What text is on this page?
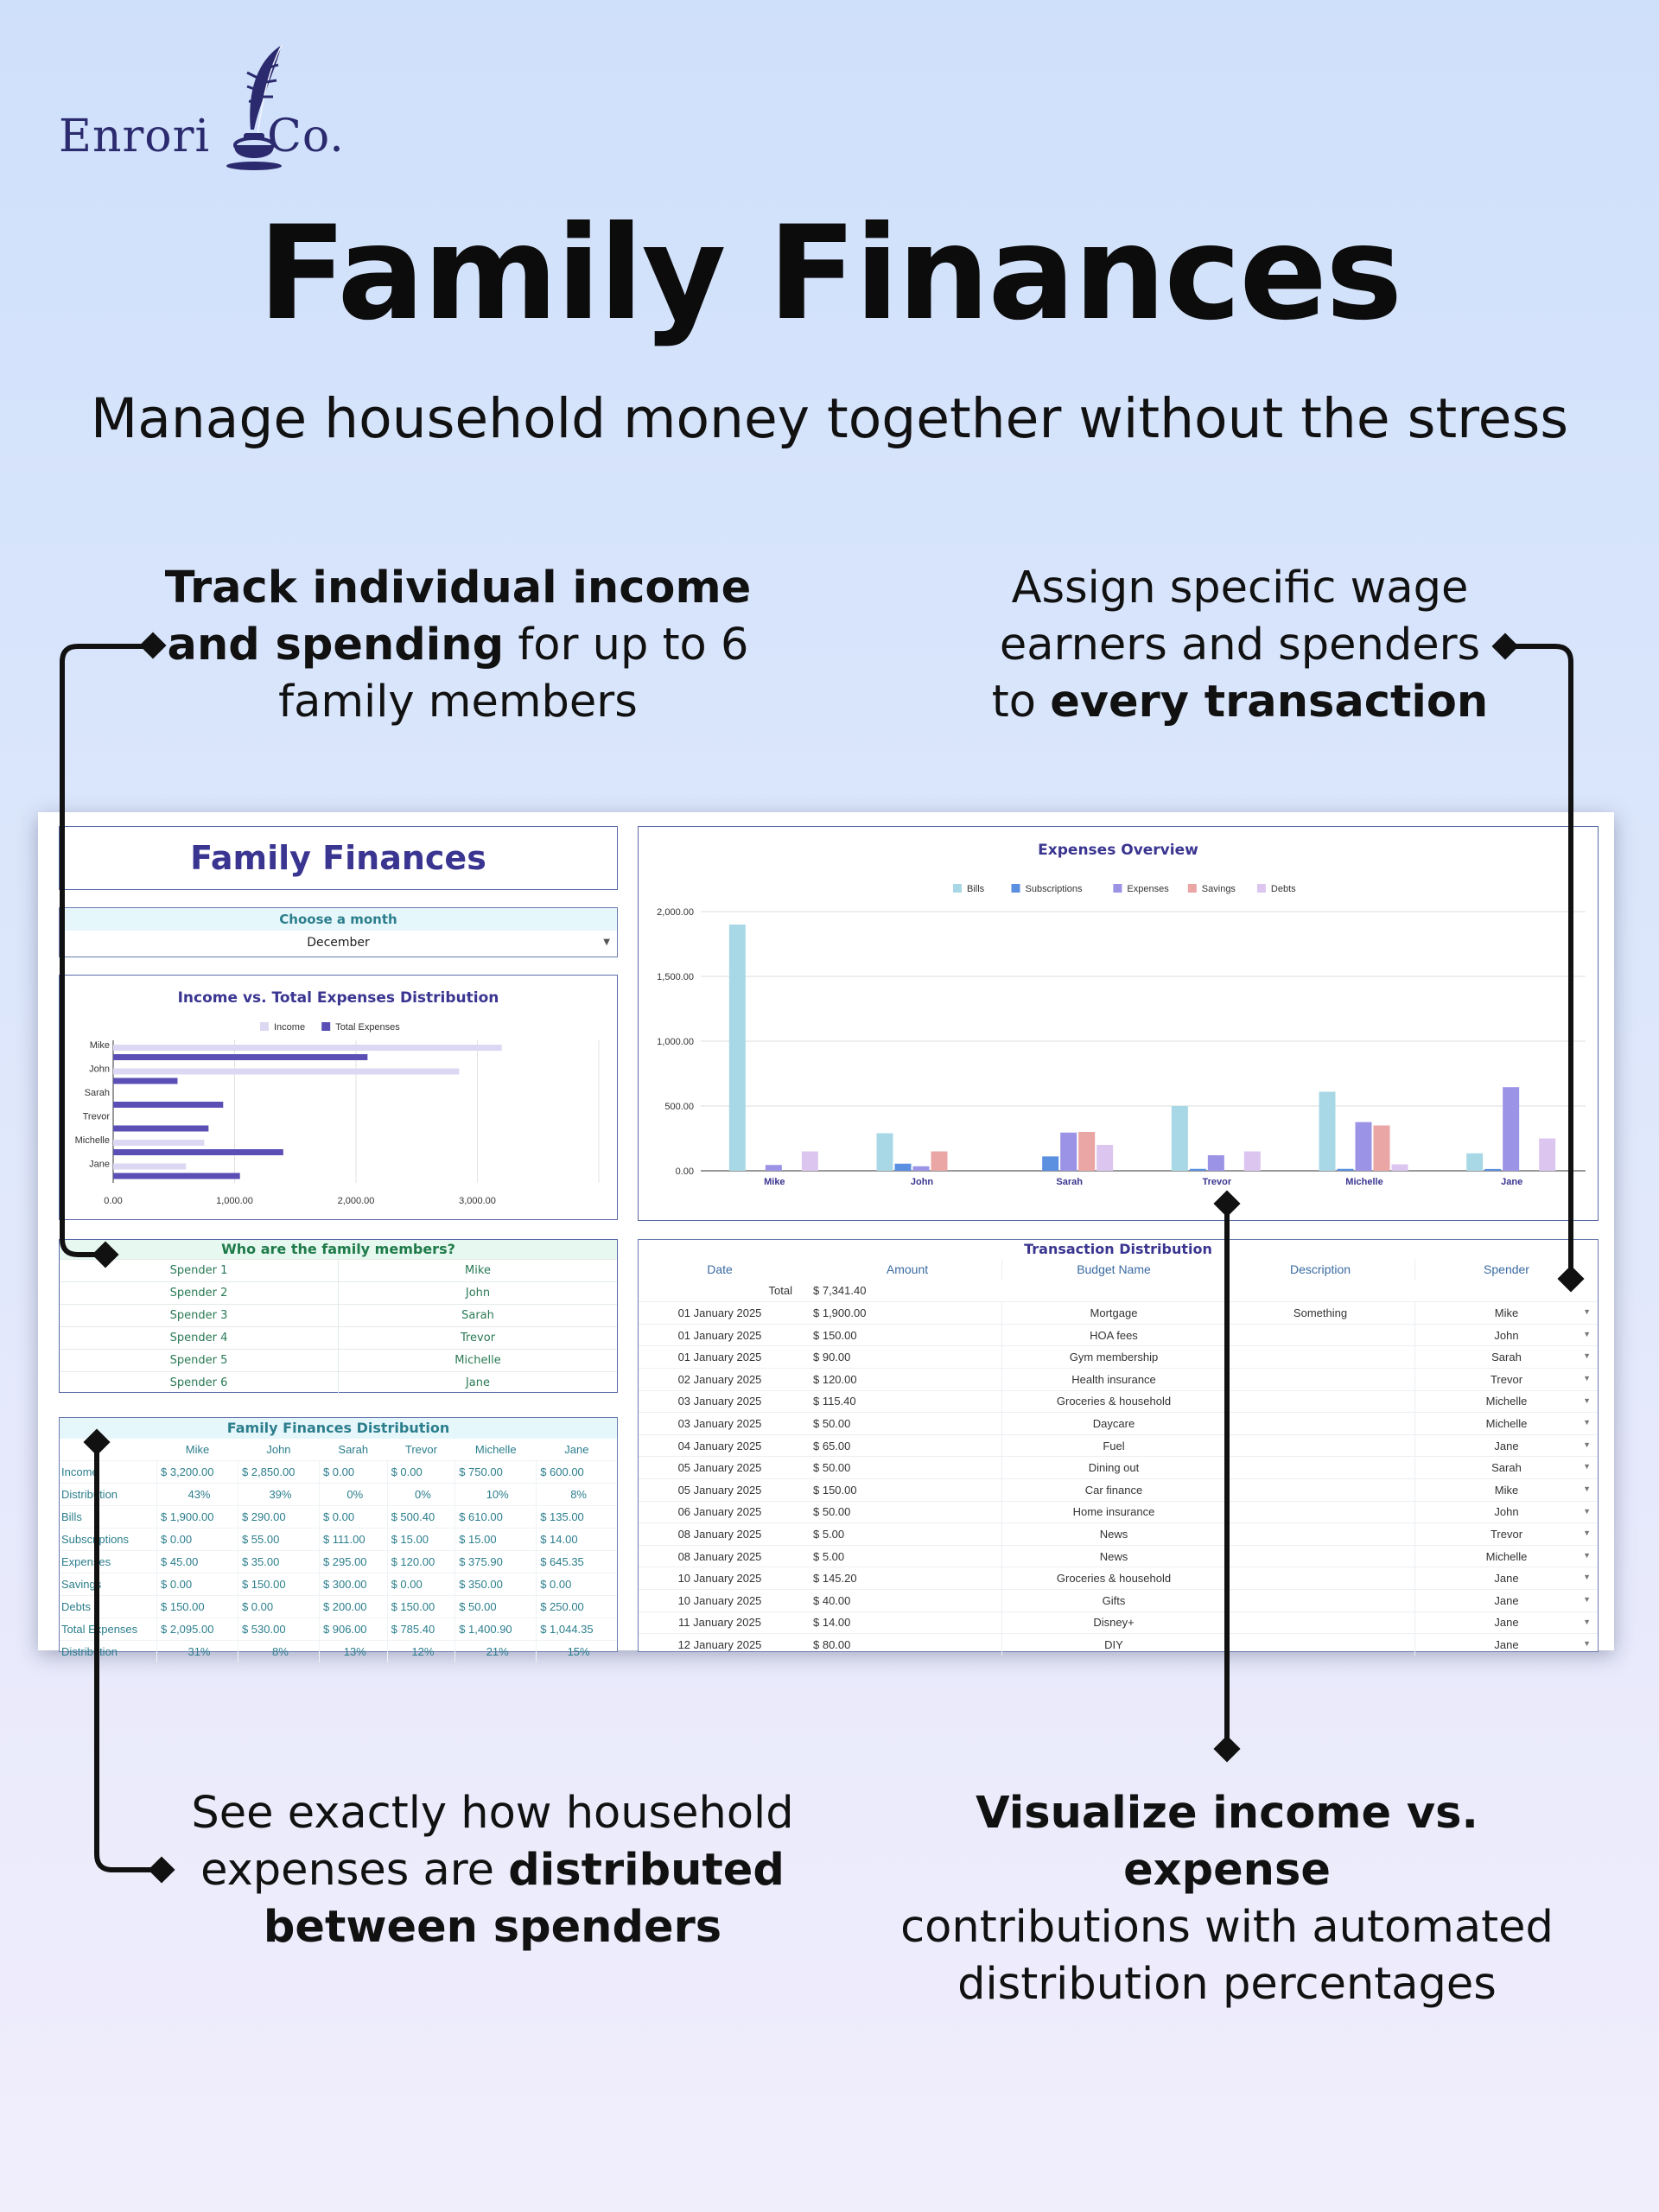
Enrori Co.
Family Finances
Manage household money together without the stress
Track individual income
and spending for up to 6
family members
Assign specific wage
earners and spenders
to every transaction
See exactly how household
expenses are distributed
between spenders
Visualize income vs. expense
contributions with automated
distribution percentages
Family Finances
Choose a month
December	▼
Income vs. Total Expenses Distribution
Income	Total Expenses
0.00	1,000.00	2,000.00	3,000.00
Mike
John
Sarah
Trevor
Michelle
Jane
Expenses Overview
Bills	Subscriptions	Expenses	Savings	Debts
0.00
500.00
1,000.00
1,500.00
2,000.00
Mike	John	Sarah	Trevor	Michelle	Jane
Who are the family members?
Spender 1	Mike
Spender 2	John
Spender 3	Sarah
Spender 4	Trevor
Spender 5	Michelle
Spender 6	Jane
Family Finances Distribution
	Mike	John	Sarah	Trevor	Michelle	Jane
Income	$ 3,200.00	$ 2,850.00	$ 0.00	$ 0.00	$ 750.00	$ 600.00
Distribution	43%	39%	0%	0%	10%	8%
Bills	$ 1,900.00	$ 290.00	$ 0.00	$ 500.40	$ 610.00	$ 135.00
Subscriptions	$ 0.00	$ 55.00	$ 111.00	$ 15.00	$ 15.00	$ 14.00
Expenses	$ 45.00	$ 35.00	$ 295.00	$ 120.00	$ 375.90	$ 645.35
Savings	$ 0.00	$ 150.00	$ 300.00	$ 0.00	$ 350.00	$ 0.00
Debts	$ 150.00	$ 0.00	$ 200.00	$ 150.00	$ 50.00	$ 250.00
Total Expenses	$ 2,095.00	$ 530.00	$ 906.00	$ 785.40	$ 1,400.90	$ 1,044.35
Distribution	31%	8%	13%	12%	21%	15%
Transaction Distribution
Date	Amount	Budget Name	Description	Spender
Total	$ 7,341.40			
01 January 2025	$ 1,900.00	Mortgage	Something	Mike ▼

01 January 2025	$ 150.00	HOA fees		John ▼

01 January 2025	$ 90.00	Gym membership		Sarah ▼

02 January 2025	$ 120.00	Health insurance		Trevor ▼

03 January 2025	$ 115.40	Groceries & household		Michelle ▼

03 January 2025	$ 50.00	Daycare		Michelle ▼

04 January 2025	$ 65.00	Fuel		Jane ▼

05 January 2025	$ 50.00	Dining out		Sarah ▼

05 January 2025	$ 150.00	Car finance		Mike ▼

06 January 2025	$ 50.00	Home insurance		John ▼

08 January 2025	$ 5.00	News		Trevor ▼

08 January 2025	$ 5.00	News		Michelle ▼

10 January 2025	$ 145.20	Groceries & household		Jane ▼

10 January 2025	$ 40.00	Gifts		Jane ▼

11 January 2025	$ 14.00	Disney+		Jane ▼

12 January 2025	$ 80.00	DIY		Jane ▼
